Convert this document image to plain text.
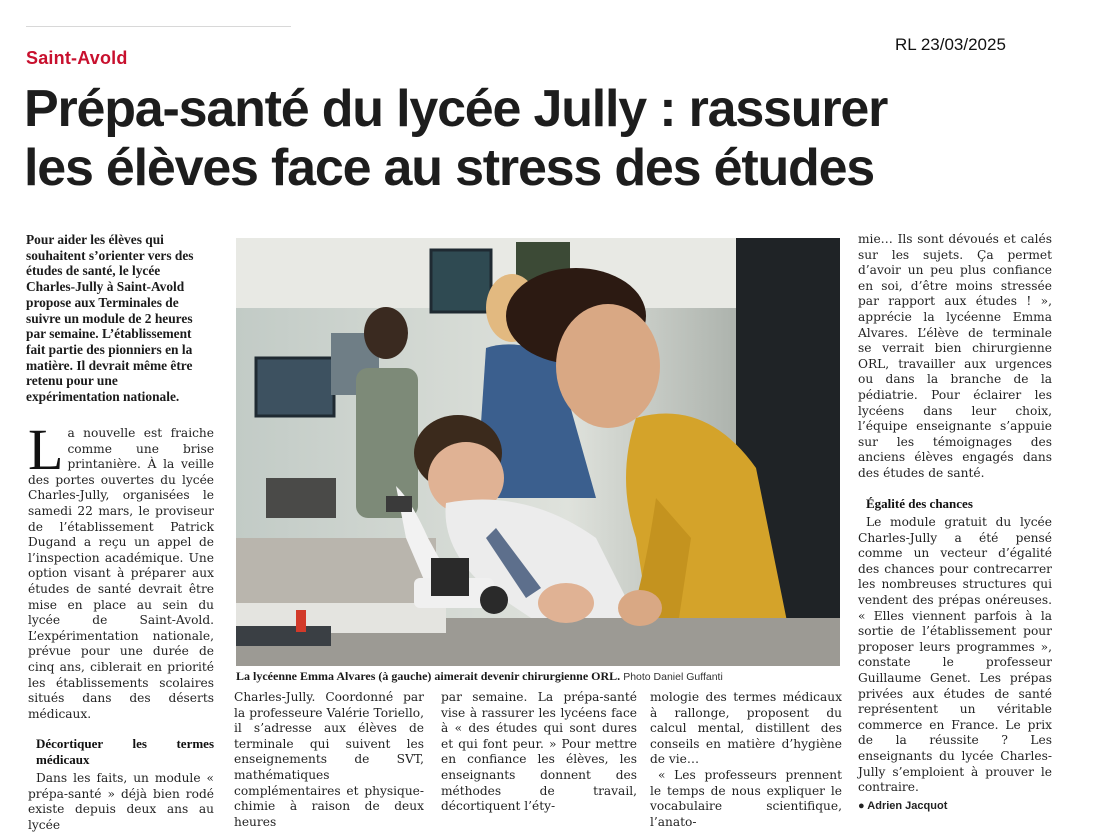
RL 23/03/2025
Saint-Avold
Prépa-santé du lycée Jully : rassurer
les élèves face au stress des études

Pour aider les élèves qui souhaitent s’orienter vers des études de santé, le lycée Charles-Jully à Saint-Avold propose aux Terminales de suivre un module de 2 heures par semaine. L’établissement fait partie des pionniers en la matière. Il devrait même être retenu pour une expérimentation nationale.

La nouvelle est fraiche comme une brise printanière. À la veille des portes ouvertes du lycée Charles-Jully, organisées le samedi 22 mars, le proviseur de l’établissement Patrick Dugand a reçu un appel de l’inspection académique. Une option visant à préparer aux études de santé devrait être mise en place au sein du lycée de Saint-Avold. L’expérimentation nationale, prévue pour une durée de cinq ans, ciblerait en priorité les établissements scolaires situés dans des déserts médicaux.

Décortiquer les termes médicaux

Dans les faits, un module « prépa-santé » déjà bien rodé existe depuis deux ans au lycée

La lycéenne Emma Alvares (à gauche) aimerait devenir chirurgienne ORL. Photo Daniel Guffanti

Charles-Jully. Coordonné par la professeure Valérie Toriello, il s’adresse aux élèves de terminale qui suivent les enseignements de SVT, mathématiques complémentaires et physique-chimie à raison de deux heures

par semaine. La prépa-santé vise à rassurer les lycéens face à « des études qui sont dures et qui font peur. » Pour mettre en confiance les élèves, les enseignants donnent des méthodes de travail, décortiquent l’éty-

mologie des termes médicaux à rallonge, proposent du calcul mental, distillent des conseils en matière d’hygiène de vie…

« Les professeurs prennent le temps de nous expliquer le vocabulaire scientifique, l’anato-

mie… Ils sont dévoués et calés sur les sujets. Ça permet d’avoir un peu plus confiance en soi, d’être moins stressée par rapport aux études ! », apprécie la lycéenne Emma Alvares. L’élève de terminale se verrait bien chirurgienne ORL, travailler aux urgences ou dans la branche de la pédiatrie. Pour éclairer les lycéens dans leur choix, l’équipe enseignante s’appuie sur les témoignages des anciens élèves engagés dans des études de santé.

Égalité des chances

Le module gratuit du lycée Charles-Jully a été pensé comme un vecteur d’égalité des chances pour contrecarrer les nombreuses structures qui vendent des prépas onéreuses. « Elles viennent parfois à la sortie de l’établissement pour proposer leurs programmes », constate le professeur Guillaume Genet. Les prépas privées aux études de santé représentent un véritable commerce en France. Le prix de la réussite ? Les enseignants du lycée Charles-Jully s’emploient à prouver le contraire.

● Adrien Jacquot
